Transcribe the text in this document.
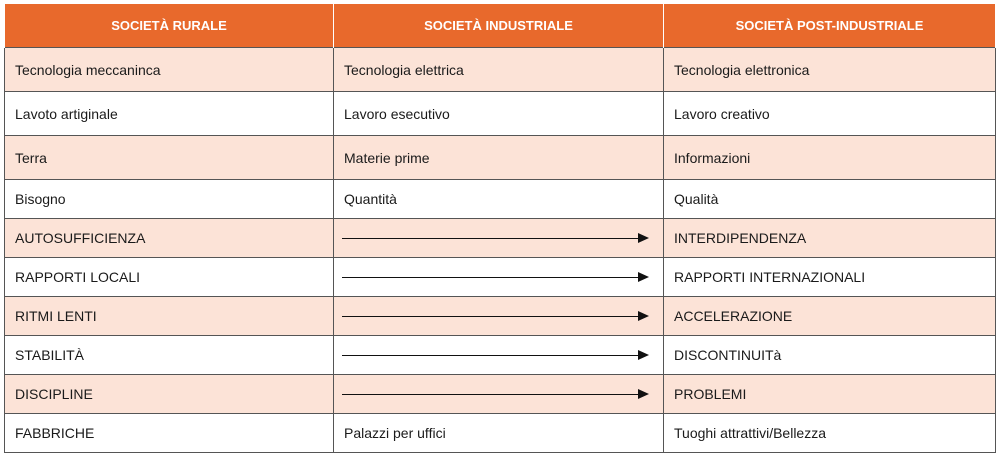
SOCIETÀ RURALE	SOCIETÀ INDUSTRIALE	SOCIETÀ POST-INDUSTRIALE
Tecnologia meccaninca	Tecnologia elettrica	Tecnologia elettronica
Lavoto artiginale	Lavoro esecutivo	Lavoro creativo
Terra	Materie prime	Informazioni
Bisogno	Quantità	Qualità
AUTOSUFFICIENZA		INTERDIPENDENZA
RAPPORTI LOCALI		RAPPORTI INTERNAZIONALI
RITMI LENTI		ACCELERAZIONE
STABILITÀ		DISCONTINUITà
DISCIPLINE		PROBLEMI
FABBRICHE	Palazzi per uffici	Tuoghi attrattivi/Bellezza
